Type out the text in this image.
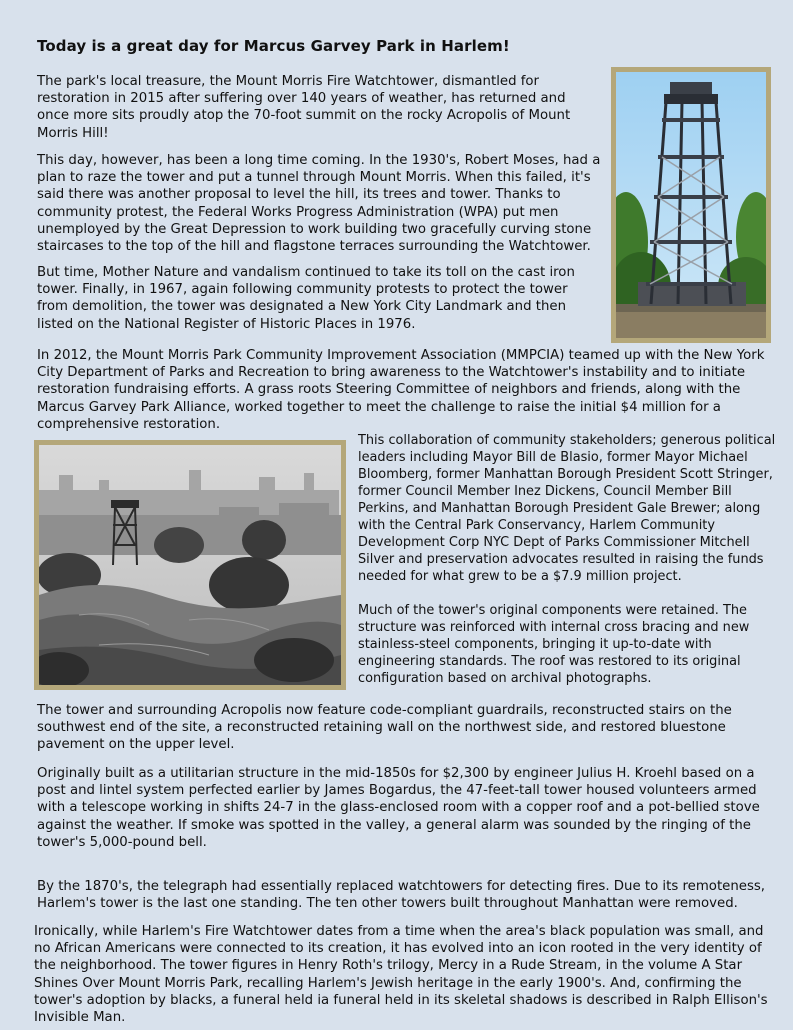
Today is a great day for Marcus Garvey Park in Harlem!

The park's local treasure, the Mount Morris Fire Watchtower, dismantled for restoration in 2015 after suffering over 140 years of weather, has returned and once more sits proudly atop the 70-foot summit on the rocky Acropolis of Mount Morris Hill!

This day, however, has been a long time coming. In the 1930's, Robert Moses, had a plan to raze the tower and put a tunnel through Mount Morris. When this failed, it's said there was another proposal to level the hill, its trees and tower. Thanks to community protest, the Federal Works Progress Administration (WPA) put men unemployed by the Great Depression to work building two gracefully curving stone staircases to the top of the hill and flagstone terraces surrounding the Watchtower.

But time, Mother Nature and vandalism continued to take its toll on the cast iron tower. Finally, in 1967, again following community protests to protect the tower from demolition, the tower was designated a New York City Landmark and then listed on the National Register of Historic Places in 1976.

In 2012, the Mount Morris Park Community Improvement Association (MMPCIA) teamed up with the New York City Department of Parks and Recreation to bring awareness to the Watchtower's instability and to initiate restoration fundraising efforts. A grass roots Steering Committee of neighbors and friends, along with the Marcus Garvey Park Alliance, worked together to meet the challenge to raise the initial $4 million for a comprehensive restoration.

This collaboration of community stakeholders; generous political leaders including Mayor Bill de Blasio, former Mayor Michael Bloomberg, former Manhattan Borough President Scott Stringer, former Council Member Inez Dickens, Council Member Bill Perkins, and Manhattan Borough President Gale Brewer; along with the Central Park Conservancy, Harlem Community Development Corp NYC Dept of Parks Commissioner Mitchell Silver and preservation advocates resulted in raising the funds needed for what grew to be a $7.9 million project.

Much of the tower's original components were retained. The structure was reinforced with internal cross bracing and new stainless-steel components, bringing it up-to-date with engineering standards. The roof was restored to its original configuration based on archival photographs.

The tower and surrounding Acropolis now feature code-compliant guardrails, reconstructed stairs on the southwest end of the site, a reconstructed retaining wall on the northwest side, and restored bluestone pavement on the upper level.

Originally built as a utilitarian structure in the mid-1850s for $2,300 by engineer Julius H. Kroehl based on a post and lintel system perfected earlier by James Bogardus, the 47-feet-tall tower housed volunteers armed with a telescope working in shifts 24-7 in the glass-enclosed room with a copper roof and a pot-bellied stove against the weather. If smoke was spotted in the valley, a general alarm was sounded by the ringing of the tower's 5,000-pound bell.

By the 1870's, the telegraph had essentially replaced watchtowers for detecting fires. Due to its remoteness, Harlem's tower is the last one standing. The ten other towers built throughout Manhattan were removed.

Ironically, while Harlem's Fire Watchtower dates from a time when the area's black population was small, and no African Americans were connected to its creation, it has evolved into an icon rooted in the very identity of the neighborhood. The tower figures in Henry Roth's trilogy, Mercy in a Rude Stream, in the volume A Star Shines Over Mount Morris Park, recalling Harlem's Jewish heritage in the early 1900's. And, confirming the tower's adoption by blacks, a funeral held ia funeral held in its skeletal shadows is described in Ralph Ellison's Invisible Man.
